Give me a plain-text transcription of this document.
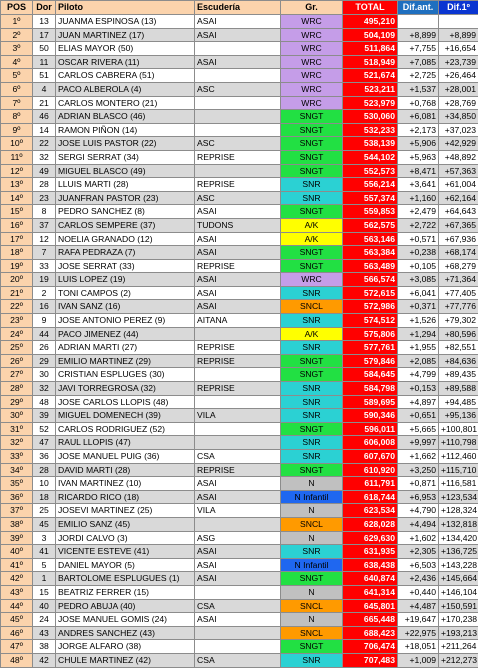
POS	Dor	Piloto	Escudería	Gr.	TOTAL	Dif.ant.	Dif.1º
1º	13	JUANMA ESPINOSA (13)	ASAI	WRC	495,210		
2º	17	JUAN MARTINEZ (17)	ASAI	WRC	504,109	+8,899	+8,899
3º	50	ELIAS MAYOR (50)		WRC	511,864	+7,755	+16,654
4º	11	OSCAR RIVERA (11)	ASAI	WRC	518,949	+7,085	+23,739
5º	51	CARLOS CABRERA (51)		WRC	521,674	+2,725	+26,464
6º	4	PACO ALBEROLA (4)	ASC	WRC	523,211	+1,537	+28,001
7º	21	CARLOS MONTERO (21)		WRC	523,979	+0,768	+28,769
8º	46	ADRIAN BLASCO (46)		SNGT	530,060	+6,081	+34,850
9º	14	RAMON PIÑON (14)		SNGT	532,233	+2,173	+37,023
10º	22	JOSE LUIS PASTOR (22)	ASC	SNGT	538,139	+5,906	+42,929
11º	32	SERGI SERRAT (34)	REPRISE	SNGT	544,102	+5,963	+48,892
12º	49	MIGUEL BLASCO (49)		SNGT	552,573	+8,471	+57,363
13º	28	LLUIS MARTI (28)	REPRISE	SNR	556,214	+3,641	+61,004
14º	23	JUANFRAN PASTOR (23)	ASC	SNR	557,374	+1,160	+62,164
15º	8	PEDRO SANCHEZ (8)	ASAI	SNGT	559,853	+2,479	+64,643
16º	37	CARLOS SEMPERE (37)	TUDONS	A/K	562,575	+2,722	+67,365
17º	12	NOELIA GRANADO (12)	ASAI	A/K	563,146	+0,571	+67,936
18º	7	RAFA PEDRAZA (7)	ASAI	SNGT	563,384	+0,238	+68,174
19º	33	JOSE SERRAT (33)	REPRISE	SNGT	563,489	+0,105	+68,279
20º	19	LUIS LOPEZ (19)	ASAI	WRC	566,574	+3,085	+71,364
21º	2	TONI CAMPOS (2)	ASAI	SNR	572,615	+6,041	+77,405
22º	16	IVAN SANZ (16)	ASAI	SNCL	572,986	+0,371	+77,776
23º	9	JOSE ANTONIO PEREZ (9)	AITANA	SNR	574,512	+1,526	+79,302
24º	44	PACO JIMENEZ (44)		A/K	575,806	+1,294	+80,596
25º	26	ADRIAN MARTI (27)	REPRISE	SNR	577,761	+1,955	+82,551
26º	29	EMILIO MARTINEZ (29)	REPRISE	SNGT	579,846	+2,085	+84,636
27º	30	CRISTIAN ESPLUGES (30)		SNGT	584,645	+4,799	+89,435
28º	32	JAVI TORREGROSA (32)	REPRISE	SNR	584,798	+0,153	+89,588
29º	48	JOSE CARLOS LLOPIS (48)		SNR	589,695	+4,897	+94,485
30º	39	MIGUEL DOMENECH (39)	VILA	SNR	590,346	+0,651	+95,136
31º	52	CARLOS RODRIGUEZ (52)		SNGT	596,011	+5,665	+100,801
32º	47	RAUL LLOPIS (47)		SNR	606,008	+9,997	+110,798
33º	36	JOSE MANUEL PUIG (36)	CSA	SNR	607,670	+1,662	+112,460
34º	28	DAVID MARTI (28)	REPRISE	SNGT	610,920	+3,250	+115,710
35º	10	IVAN MARTINEZ (10)	ASAI	N	611,791	+0,871	+116,581
36º	18	RICARDO RICO (18)	ASAI	N Infantil	618,744	+6,953	+123,534
37º	25	JOSEVI MARTINEZ (25)	VILA	N	623,534	+4,790	+128,324
38º	45	EMILIO SANZ (45)		SNCL	628,028	+4,494	+132,818
39º	3	JORDI CALVO (3)	ASG	N	629,630	+1,602	+134,420
40º	41	VICENTE ESTEVE (41)	ASAI	SNR	631,935	+2,305	+136,725
41º	5	DANIEL MAYOR (5)	ASAI	N Infantil	638,438	+6,503	+143,228
42º	1	BARTOLOME ESPLUGUES (1)	ASAI	SNGT	640,874	+2,436	+145,664
43º	15	BEATRIZ FERRER (15)		N	641,314	+0,440	+146,104
44º	40	PEDRO ABUJA (40)	CSA	SNCL	645,801	+4,487	+150,591
45º	24	JOSE MANUEL GOMIS (24)	ASAI	N	665,448	+19,647	+170,238
46º	43	ANDRES SANCHEZ (43)		SNCL	688,423	+22,975	+193,213
47º	38	JORGE ALFARO (38)		SNGT	706,474	+18,051	+211,264
48º	42	CHULE MARTINEZ (42)	CSA	SNR	707,483	+1,009	+212,273
